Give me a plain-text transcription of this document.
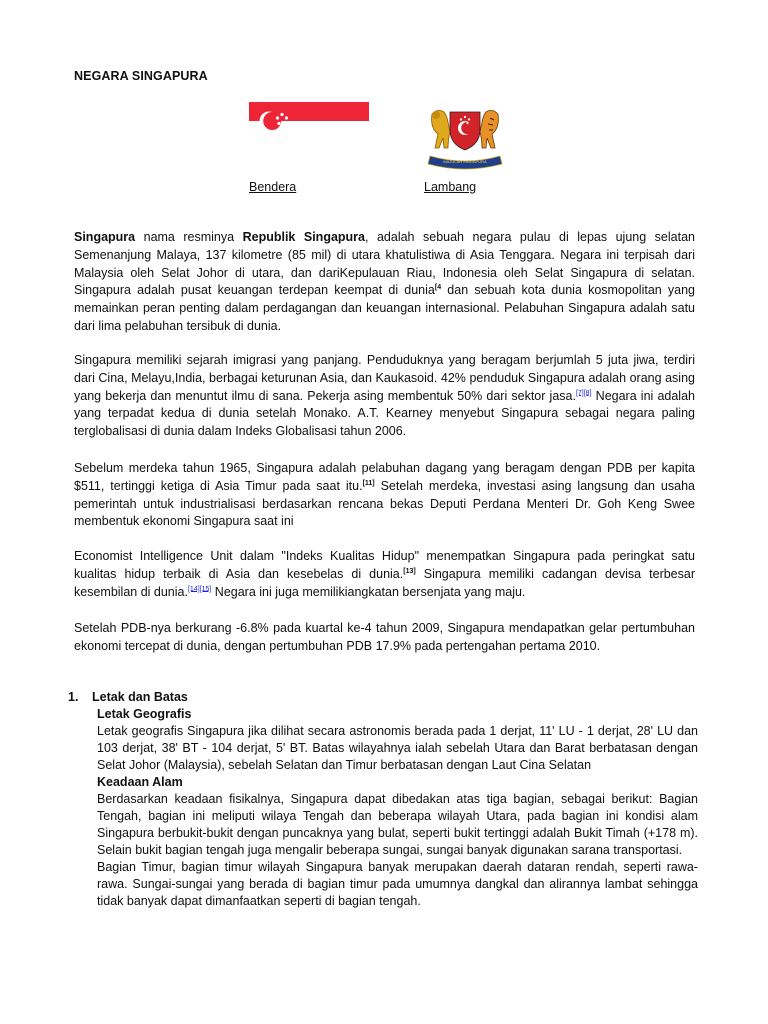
NEGARA SINGAPURA
MAJULAH SINGAPURA
Bendera	Lambang

Singapura nama resminya Republik Singapura, adalah sebuah negara pulau di lepas ujung selatan Semenanjung Malaya, 137 kilometre (85 mil) di utara khatulistiwa di Asia Tenggara. Negara ini terpisah dari Malaysia oleh Selat Johor di utara, dan dariKepulauan Riau, Indonesia oleh Selat Singapura di selatan. Singapura adalah pusat keuangan terdepan keempat di dunia$^{[4}$ dan sebuah kota dunia kosmopolitan yang memainkan peran penting dalam perdagangan dan keuangan internasional. Pelabuhan Singapura adalah satu dari lima pelabuhan tersibuk di dunia.

Singapura memiliki sejarah imigrasi yang panjang. Penduduknya yang beragam berjumlah 5 juta jiwa, terdiri dari Cina, Melayu,India, berbagai keturunan Asia, dan Kaukasoid. 42% penduduk Singapura adalah orang asing yang bekerja dan menuntut ilmu di sana. Pekerja asing membentuk 50% dari sektor jasa.[7][8] Negara ini adalah yang terpadat kedua di dunia setelah Monako. A.T. Kearney menyebut Singapura sebagai negara paling terglobalisasi di dunia dalam Indeks Globalisasi tahun 2006.

Sebelum merdeka tahun 1965, Singapura adalah pelabuhan dagang yang beragam dengan PDB per kapita $511, tertinggi ketiga di Asia Timur pada saat itu.[11] Setelah merdeka, investasi asing langsung dan usaha pemerintah untuk industrialisasi berdasarkan rencana bekas Deputi Perdana Menteri Dr. Goh Keng Swee membentuk ekonomi Singapura saat ini

Economist Intelligence Unit dalam "Indeks Kualitas Hidup" menempatkan Singapura pada peringkat satu kualitas hidup terbaik di Asia dan kesebelas di dunia.[13] Singapura memiliki cadangan devisa terbesar kesembilan di dunia.[14][15] Negara ini juga memilikiangkatan bersenjata yang maju.

Setelah PDB-nya berkurang -6.8% pada kuartal ke-4 tahun 2009, Singapura mendapatkan gelar pertumbuhan ekonomi tercepat di dunia, dengan pertumbuhan PDB 17.9% pada pertengahan pertama 2010.

1. Letak dan Batas
Letak Geografis

Letak geografis Singapura jika dilihat secara astronomis berada pada 1 derjat, 11' LU - 1 derjat, 28' LU dan 103 derjat, 38' BT - 104 derjat, 5' BT. Batas wilayahnya ialah sebelah Utara dan Barat berbatasan dengan Selat Johor (Malaysia), sebelah Selatan dan Timur berbatasan dengan Laut Cina Selatan

Keadaan Alam

Berdasarkan keadaan fisikalnya, Singapura dapat dibedakan atas tiga bagian, sebagai berikut: Bagian Tengah, bagian ini meliputi wilaya Tengah dan beberapa wilayah Utara, pada bagian ini kondisi alam Singapura berbukit-bukit dengan puncaknya yang bulat, seperti bukit tertinggi adalah Bukit Timah (+178 m). Selain bukit bagian tengah juga mengalir beberapa sungai, sungai banyak digunakan sarana transportasi.

Bagian Timur, bagian timur wilayah Singapura banyak merupakan daerah dataran rendah, seperti rawa-rawa. Sungai-sungai yang berada di bagian timur pada umumnya dangkal dan alirannya lambat sehingga tidak banyak dapat dimanfaatkan seperti di bagian tengah.
